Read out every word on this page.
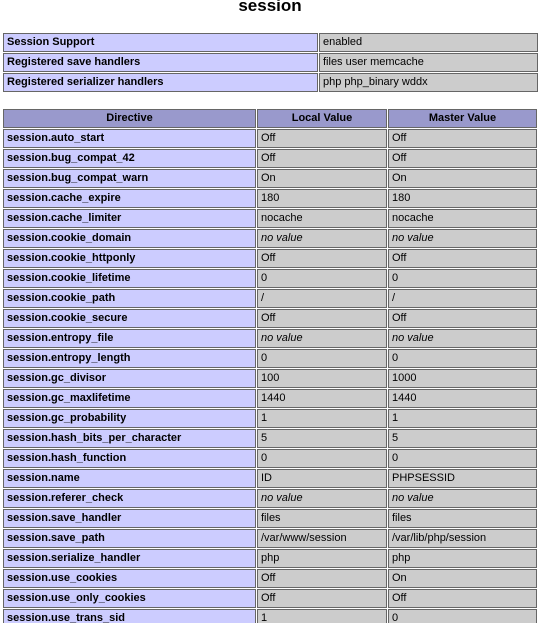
session
Session Support	enabled
Registered save handlers	files user memcache
Registered serializer handlers	php php_binary wddx
Directive	Local Value	Master Value
session.auto_start	Off	Off
session.bug_compat_42	Off	Off
session.bug_compat_warn	On	On
session.cache_expire	180	180
session.cache_limiter	nocache	nocache
session.cookie_domain	no value	no value
session.cookie_httponly	Off	Off
session.cookie_lifetime	0	0
session.cookie_path	/	/
session.cookie_secure	Off	Off
session.entropy_file	no value	no value
session.entropy_length	0	0
session.gc_divisor	100	1000
session.gc_maxlifetime	1440	1440
session.gc_probability	1	1
session.hash_bits_per_character	5	5
session.hash_function	0	0
session.name	ID	PHPSESSID
session.referer_check	no value	no value
session.save_handler	files	files
session.save_path	/var/www/session	/var/lib/php/session
session.serialize_handler	php	php
session.use_cookies	Off	On
session.use_only_cookies	Off	Off
session.use_trans_sid	1	0
